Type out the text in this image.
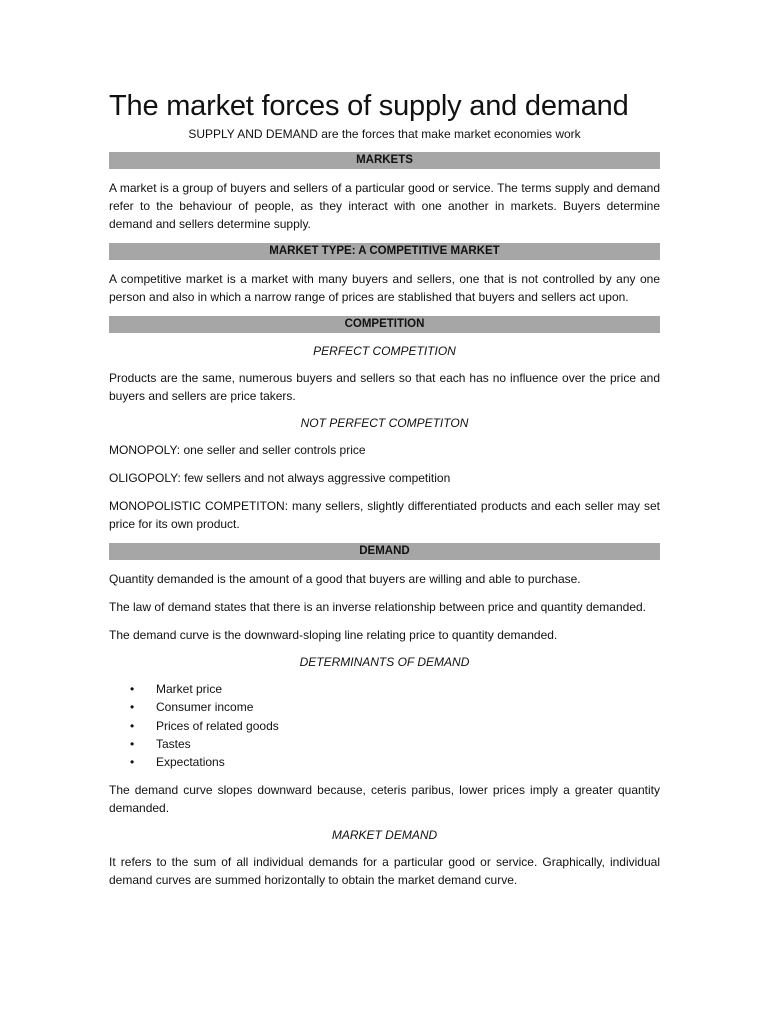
The market forces of supply and demand
SUPPLY AND DEMAND are the forces that make market economies work
MARKETS

A market is a group of buyers and sellers of a particular good or service. The terms supply and demand refer to the behaviour of people, as they interact with one another in markets. Buyers determine demand and sellers determine supply.

MARKET TYPE: A COMPETITIVE MARKET

A competitive market is a market with many buyers and sellers, one that is not controlled by any one person and also in which a narrow range of prices are stablished that buyers and sellers act upon.

COMPETITION
PERFECT COMPETITION

Products are the same, numerous buyers and sellers so that each has no influence over the price and buyers and sellers are price takers.

NOT PERFECT COMPETITON

MONOPOLY: one seller and seller controls price

OLIGOPOLY: few sellers and not always aggressive competition

MONOPOLISTIC COMPETITON: many sellers, slightly differentiated products and each seller may set price for its own product.

DEMAND

Quantity demanded is the amount of a good that buyers are willing and able to purchase.

The law of demand states that there is an inverse relationship between price and quantity demanded.

The demand curve is the downward-sloping line relating price to quantity demanded.

DETERMINANTS OF DEMAND
• Market price
• Consumer income
• Prices of related goods
• Tastes
• Expectations

The demand curve slopes downward because, ceteris paribus, lower prices imply a greater quantity demanded.

MARKET DEMAND

It refers to the sum of all individual demands for a particular good or service. Graphically, individual demand curves are summed horizontally to obtain the market demand curve.
